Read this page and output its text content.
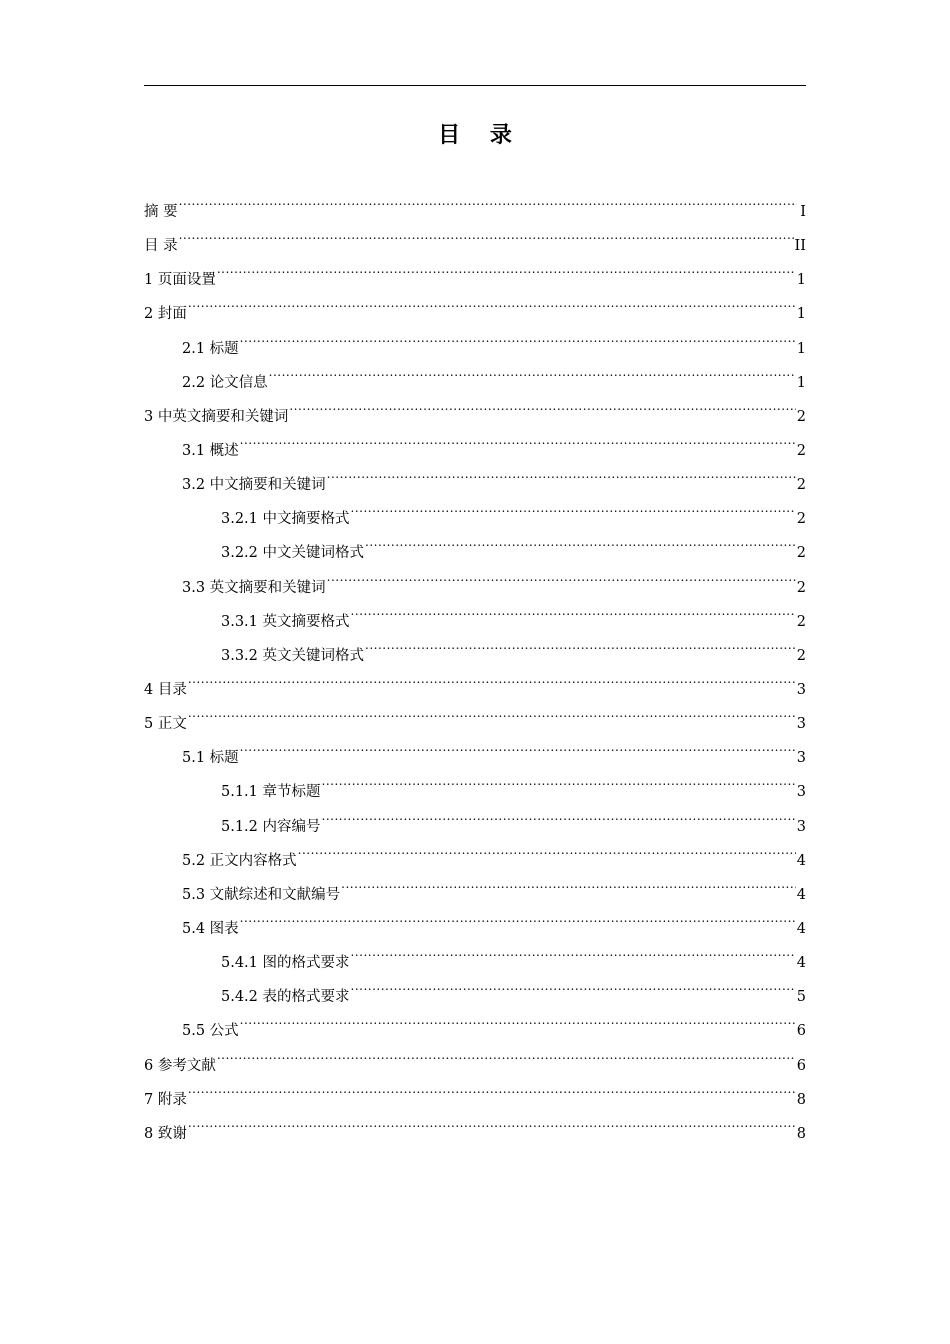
目 录
摘 要 .....	I
目 录 .....	II
1 页面设置 .....	1
2 封面 .....	1
2.1 标题 .....	1
2.2 论文信息 .....	1
3 中英文摘要和关键词 .....	2
3.1 概述 .....	2
3.2 中文摘要和关键词 .....	2
3.2.1 中文摘要格式 .....	2
3.2.2 中文关键词格式 .....	2
3.3 英文摘要和关键词 .....	2
3.3.1 英文摘要格式 .....	2
3.3.2 英文关键词格式 .....	2
4 目录 .....	3
5 正文 .....	3
5.1 标题 .....	3
5.1.1 章节标题 .....	3
5.1.2 内容编号 .....	3
5.2 正文内容格式 .....	4
5.3 文献综述和文献编号 .....	4
5.4 图表 .....	4
5.4.1 图的格式要求 .....	4
5.4.2 表的格式要求 .....	5
5.5 公式 .....	6
6 参考文献 .....	6
7 附录 .....	8
8 致谢 .....	8
